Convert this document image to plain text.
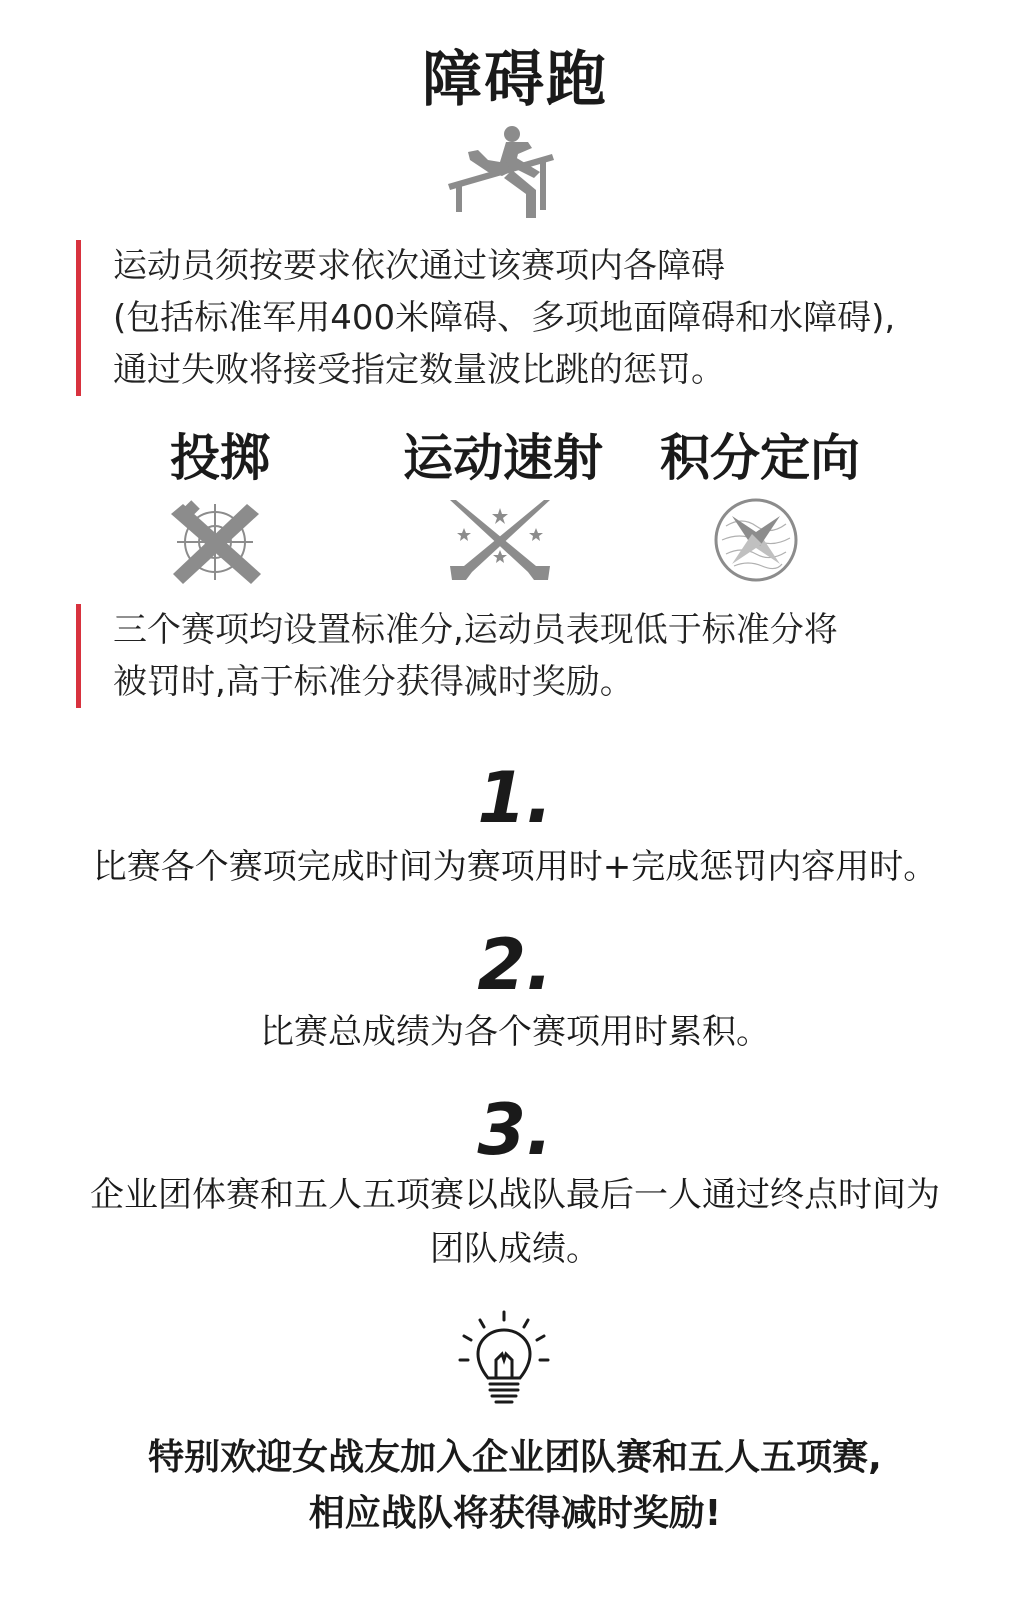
障碍跑

运动员须按要求依次通过该赛项内各障碍

(包括标准军用400米障碍、多项地面障碍和水障碍),

通过失败将接受指定数量波比跳的惩罚。

投掷	运动速射 积分定向

三个赛项均设置标准分,运动员表现低于标准分将

被罚时,高于标准分获得减时奖励。

1.

比赛各个赛项完成时间为赛项用时+完成惩罚内容用时。

2.

比赛总成绩为各个赛项用时累积。

3.

企业团体赛和五人五项赛以战队最后一人通过终点时间为

团队成绩。

特别欢迎女战友加入企业团队赛和五人五项赛,

相应战队将获得减时奖励!
